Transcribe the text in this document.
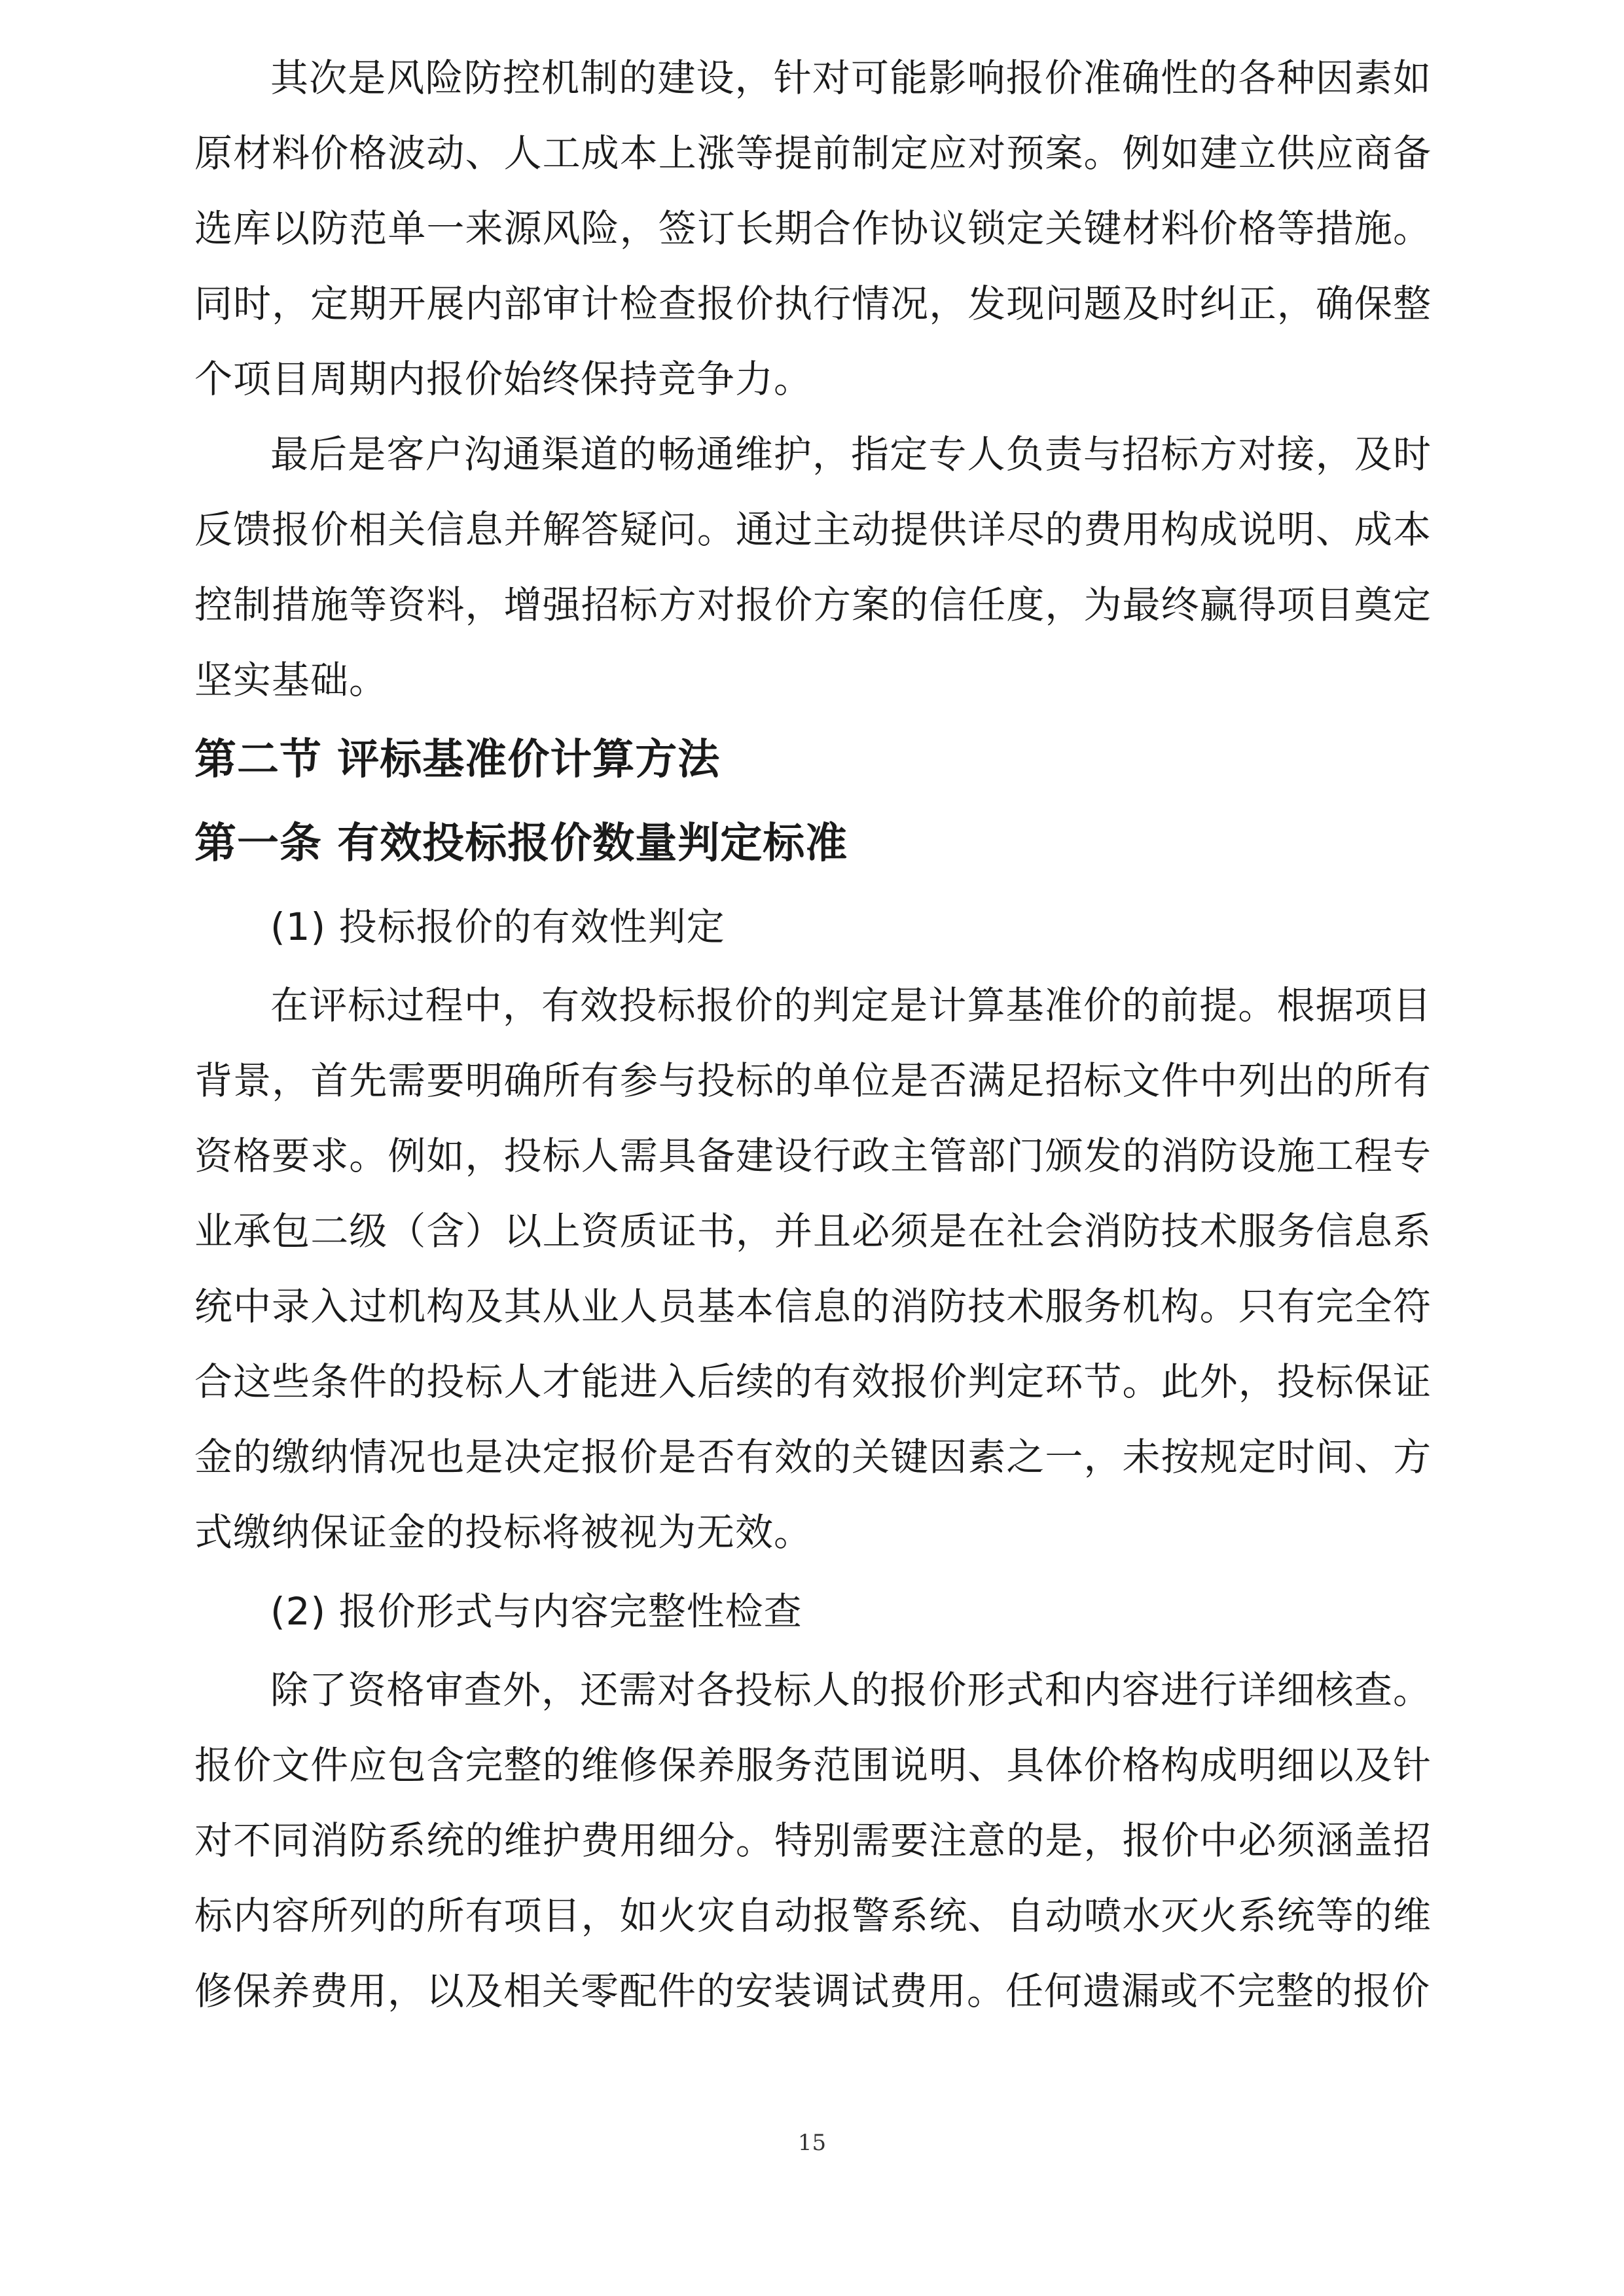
其次是风险防控机制的建设，针对可能影响报价准确性的各种因素如原材料价格波动、人工成本上涨等提前制定应对预案。例如建立供应商备选库以防范单一来源风险，签订长期合作协议锁定关键材料价格等措施。同时，定期开展内部审计检查报价执行情况，发现问题及时纠正，确保整个项目周期内报价始终保持竞争力。

最后是客户沟通渠道的畅通维护，指定专人负责与招标方对接，及时反馈报价相关信息并解答疑问。通过主动提供详尽的费用构成说明、成本控制措施等资料，增强招标方对报价方案的信任度，为最终赢得项目奠定坚实基础。

第二节 评标基准价计算方法
第一条 有效投标报价数量判定标准

(1) 投标报价的有效性判定

在评标过程中，有效投标报价的判定是计算基准价的前提。根据项目背景，首先需要明确所有参与投标的单位是否满足招标文件中列出的所有资格要求。例如，投标人需具备建设行政主管部门颁发的消防设施工程专业承包二级（含）以上资质证书，并且必须是在社会消防技术服务信息系统中录入过机构及其从业人员基本信息的消防技术服务机构。只有完全符合这些条件的投标人才能进入后续的有效报价判定环节。此外，投标保证金的缴纳情况也是决定报价是否有效的关键因素之一，未按规定时间、方式缴纳保证金的投标将被视为无效。

(2) 报价形式与内容完整性检查

除了资格审查外，还需对各投标人的报价形式和内容进行详细核查。报价文件应包含完整的维修保养服务范围说明、具体价格构成明细以及针对不同消防系统的维护费用细分。特别需要注意的是，报价中必须涵盖招标内容所列的所有项目，如火灾自动报警系统、自动喷水灭火系统等的维修保养费用，以及相关零配件的安装调试费用。任何遗漏或不完整的报价

15
